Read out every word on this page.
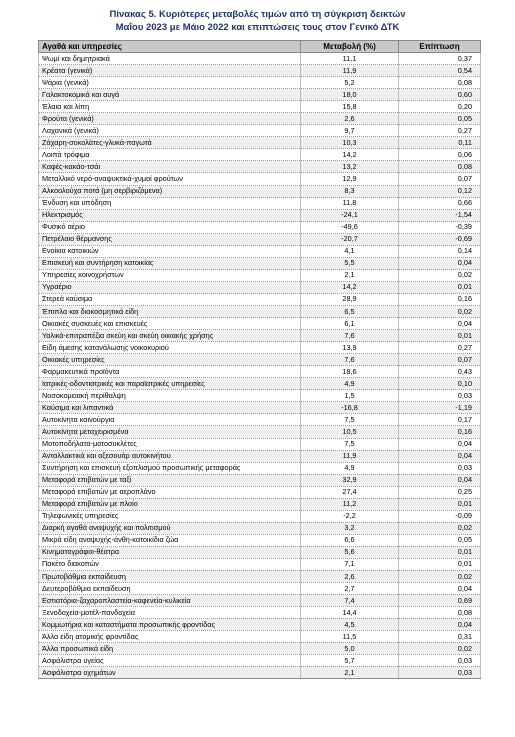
Πίνακας 5. Κυριότερες μεταβολές τιμών από τη σύγκριση δεικτών
Μαΐου 2023 με Μάιο 2022 και επιπτώσεις τους στον Γενικό ΔΤΚ
Αγαθά και υπηρεσίες	Μεταβολή (%)	Επίπτωση
Ψωμί και δημητριακά	11,1	0,37
Κρέατα (γενικά)	11,9	0,54
Ψάρια (γενικά)	5,2	0,08
Γαλακτοκομικά και αυγά	18,0	0,60
Έλαια και λίπη	15,8	0,20
Φρούτα (γενικά)	2,6	0,05
Λαχανικά (γενικά)	9,7	0,27
Ζάχαρη-σοκολάτες-γλυκά-παγωτά	10,3	0,11
Λοιπά τρόφιμα	14,2	0,06
Καφές-κακάο-τσάι	13,2	0,08
Μεταλλικό νερό-αναψυκτικά-χυμοί φρούτων	12,9	0,07
Αλκοολούχα ποτά (μη σερβιριζόμενα)	8,3	0,12
Ένδυση και υπόδηση	11,8	0,66
Ηλεκτρισμός	-24,1	-1,54
Φυσικό αέριο	-49,6	-0,39
Πετρέλαιο θέρμανσης	-20,7	-0,69
Ενοίκια κατοικιών	4,1	0,14
Επισκευή και συντήρηση κατοικίας	5,5	0,04
Υπηρεσίες κοινοχρήστων	2,1	0,02
Υγραέριο	14,2	0,01
Στερεά καύσιμα	28,9	0,16
Έπιπλα και διακοσμητικά είδη	6,5	0,02
Οικιακές συσκευές και επισκευές	6,1	0,04
Υαλικά-επιτραπέζια σκεύη και σκεύη οικιακής χρήσης	7,6	0,01
Είδη άμεσης κατανάλωσης νοικοκυριού	13,9	0,27
Οικιακές υπηρεσίες	7,6	0,07
Φαρμακευτικά προϊόντα	18,6	0,43
Ιατρικές-οδοντιατρικές και παραϊατρικές υπηρεσίες	4,9	0,10
Νοσοκομειακή περίθαλψη	1,5	0,03
Καύσιμα και λιπαντικά	-16,8	-1,19
Αυτοκίνητα καινούργια	7,5	0,17
Αυτοκίνητα μεταχειρισμένα	10,5	0,16
Μοτοποδήλατα-μοτοσυκλέτες	7,5	0,04
Ανταλλακτικά και αξεσουάρ αυτοκινήτου	11,9	0,04
Συντήρηση και επισκευή εξοπλισμού προσωπικής μεταφοράς	4,9	0,03
Μεταφορά επιβατών με ταξί	32,9	0,04
Μεταφορά επιβατών με αεροπλάνο	27,4	0,25
Μεταφορά επιβατών με πλοίο	11,2	0,01
Τηλεφωνικές υπηρεσίες	-2,2	-0,09
Διαρκή αγαθά αναψυχής και πολιτισμού	3,2	0,02
Μικρά είδη αναψυχής-άνθη-κατοικίδια ζώα	6,6	0,05
Κινηματογράφοι-θέατρα	5,6	0,01
Πακέτο διακοπών	7,1	0,01
Πρωτοβάθμια εκπαίδευση	2,6	0,02
Δευτεροβάθμια εκπαίδευση	2,7	0,04
Εστιατόρια-ζαχαροπλαστεία-καφενεία-κυλικεία	7,4	0,69
Ξενοδοχεία-μοτέλ-πανδοχεία	14,4	0,08
Κομμωτήρια και καταστήματα προσωπικής φροντίδας	4,5	0,04
Άλλα είδη ατομικής φροντίδας	11,5	0,31
Άλλα προσωπικά είδη	5,0	0,02
Ασφάλιστρα υγείας	5,7	0,03
Ασφάλιστρα οχημάτων	2,1	0,03
